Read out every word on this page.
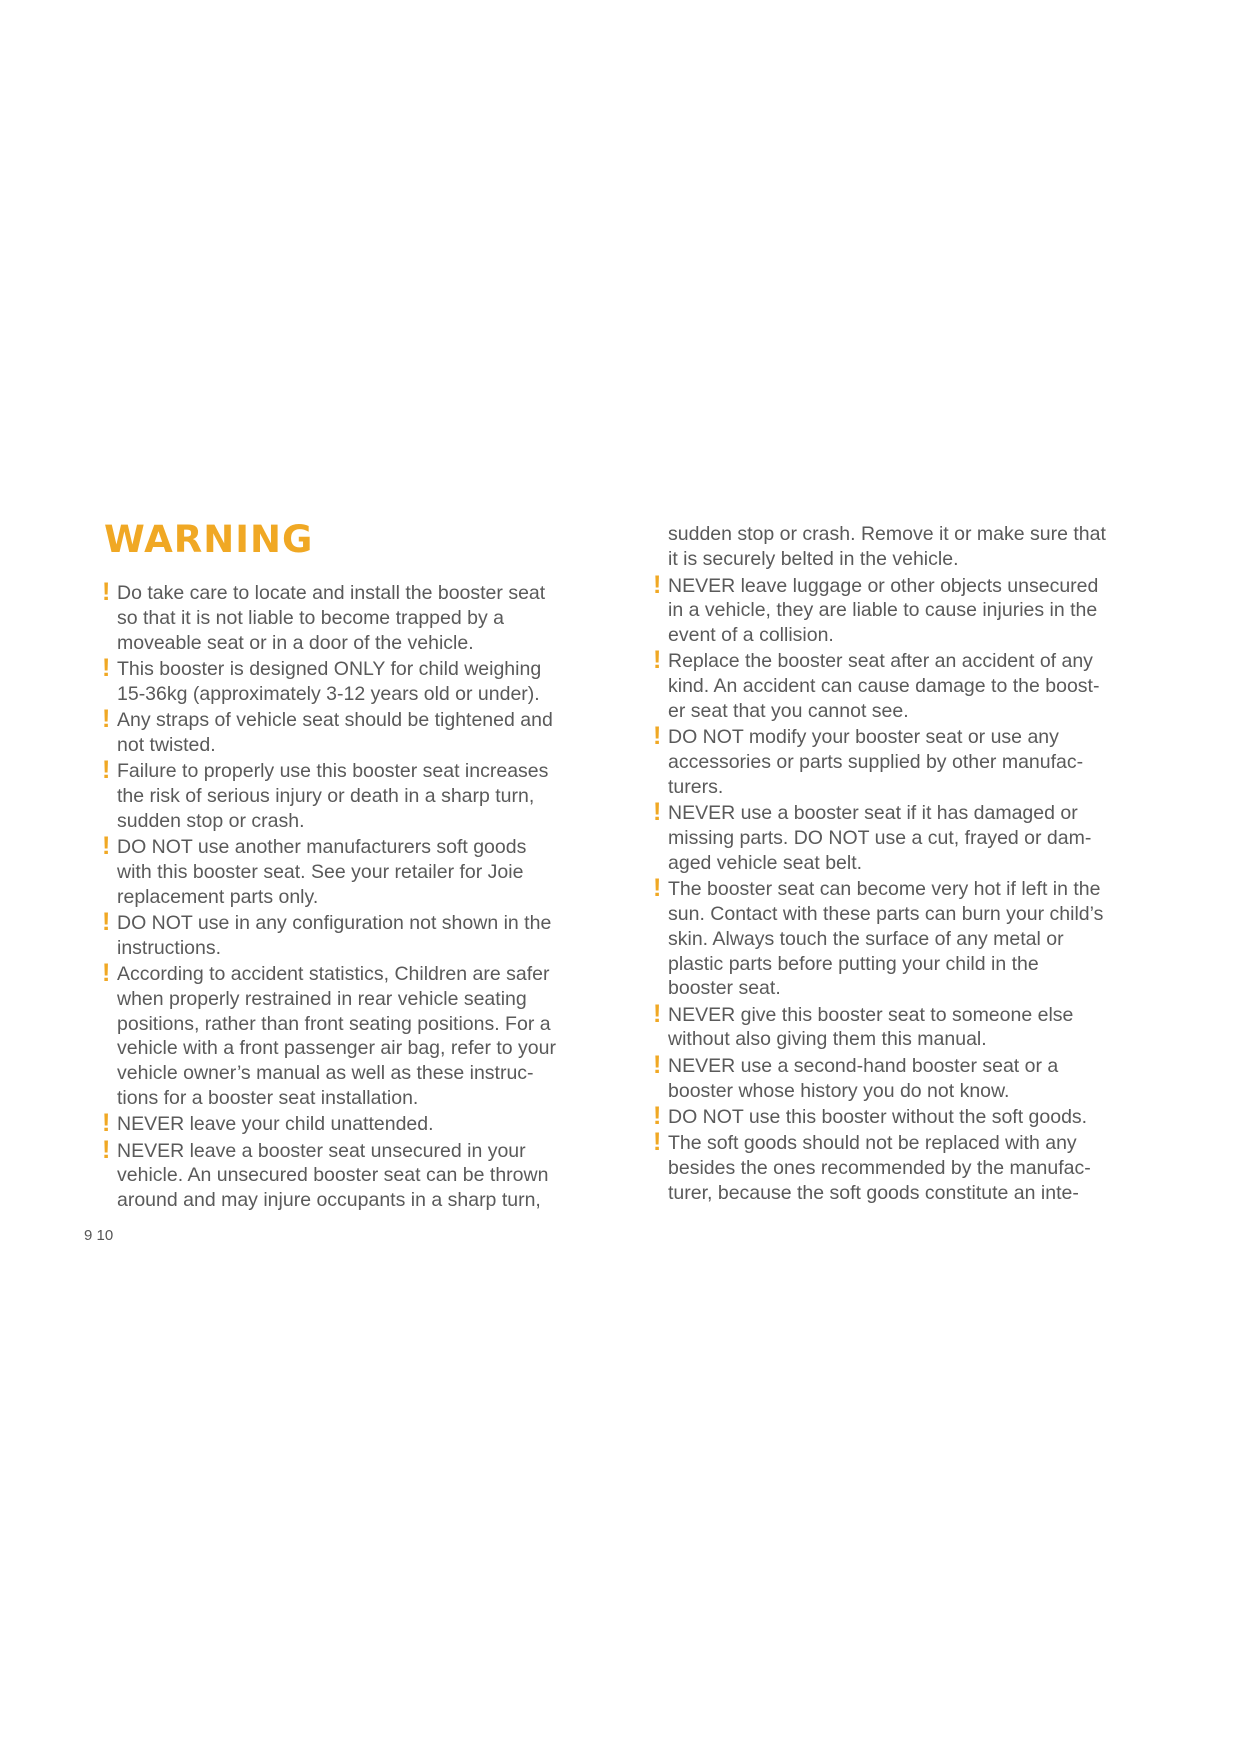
WARNING
! Do take care to locate and install the booster seat
so that it is not liable to become trapped by a
moveable seat or in a door of the vehicle.
! This booster is designed ONLY for child weighing
15-36kg (approximately 3-12 years old or under).
! Any straps of vehicle seat should be tightened and
not twisted.
! Failure to properly use this booster seat increases
the risk of serious injury or death in a sharp turn,
sudden stop or crash.
! DO NOT use another manufacturers soft goods
with this booster seat. See your retailer for Joie
replacement parts only.
! DO NOT use in any configuration not shown in the
instructions.
! According to accident statistics, Children are safer
when properly restrained in rear vehicle seating
positions, rather than front seating positions. For a
vehicle with a front passenger air bag, refer to your
vehicle owner’s manual as well as these instruc-
tions for a booster seat installation.
! NEVER leave your child unattended.
! NEVER leave a booster seat unsecured in your
vehicle. An unsecured booster seat can be thrown
around and may injure occupants in a sharp turn,
sudden stop or crash. Remove it or make sure that
it is securely belted in the vehicle.
! NEVER leave luggage or other objects unsecured
in a vehicle, they are liable to cause injuries in the
event of a collision.
! Replace the booster seat after an accident of any
kind. An accident can cause damage to the boost-
er seat that you cannot see.
! DO NOT modify your booster seat or use any
accessories or parts supplied by other manufac-
turers.
! NEVER use a booster seat if it has damaged or
missing parts. DO NOT use a cut, frayed or dam-
aged vehicle seat belt.
! The booster seat can become very hot if left in the
sun. Contact with these parts can burn your child’s
skin. Always touch the surface of any metal or
plastic parts before putting your child in the
booster seat.
! NEVER give this booster seat to someone else
without also giving them this manual.
! NEVER use a second-hand booster seat or a
booster whose history you do not know.
! DO NOT use this booster without the soft goods.
! The soft goods should not be replaced with any
besides the ones recommended by the manufac-
turer, because the soft goods constitute an inte-
9 10
